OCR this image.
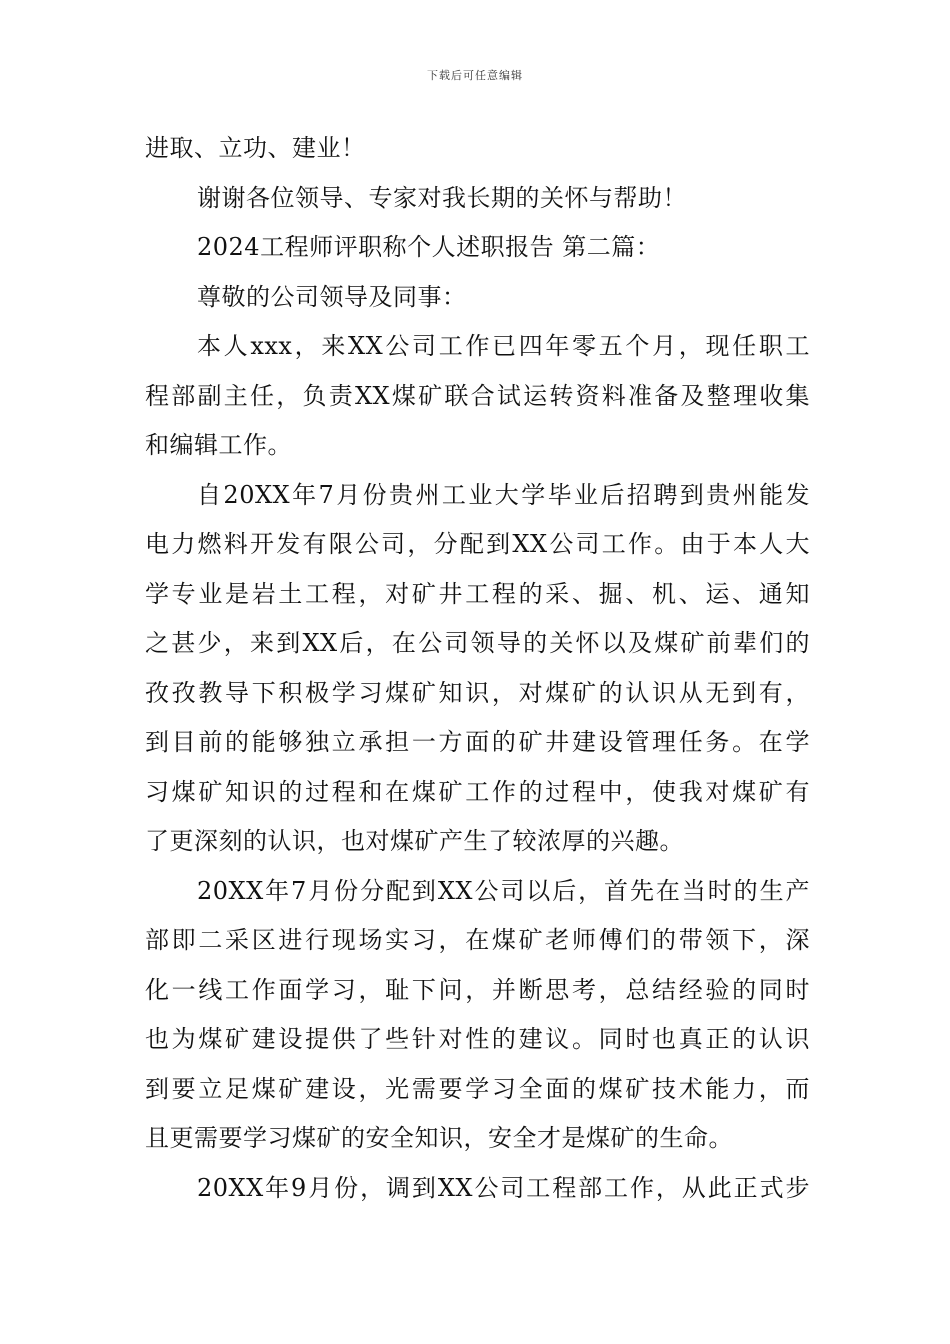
下载后可任意编辑
进取、立功、建业！
谢谢各位领导、专家对我长期的关怀与帮助！
2024工程师评职称个人述职报告 第二篇：
尊敬的公司领导及同事：
本人xxx，来XX公司工作已四年零五个月，现任职工
程部副主任，负责XX煤矿联合试运转资料准备及整理收集
和编辑工作。
自20XX年7月份贵州工业大学毕业后招聘到贵州能发
电力燃料开发有限公司，分配到XX公司工作。由于本人大
学专业是岩土工程，对矿井工程的采、掘、机、运、通知
之甚少，来到XX后，在公司领导的关怀以及煤矿前辈们的
孜孜教导下积极学习煤矿知识，对煤矿的认识从无到有，
到目前的能够独立承担一方面的矿井建设管理任务。在学
习煤矿知识的过程和在煤矿工作的过程中，使我对煤矿有
了更深刻的认识，也对煤矿产生了较浓厚的兴趣。
20XX年7月份分配到XX公司以后，首先在当时的生产
部即二采区进行现场实习，在煤矿老师傅们的带领下，深
化一线工作面学习，耻下问，并断思考，总结经验的同时
也为煤矿建设提供了些针对性的建议。同时也真正的认识
到要立足煤矿建设，光需要学习全面的煤矿技术能力，而
且更需要学习煤矿的安全知识，安全才是煤矿的生命。
20XX年9月份，调到XX公司工程部工作，从此正式步
